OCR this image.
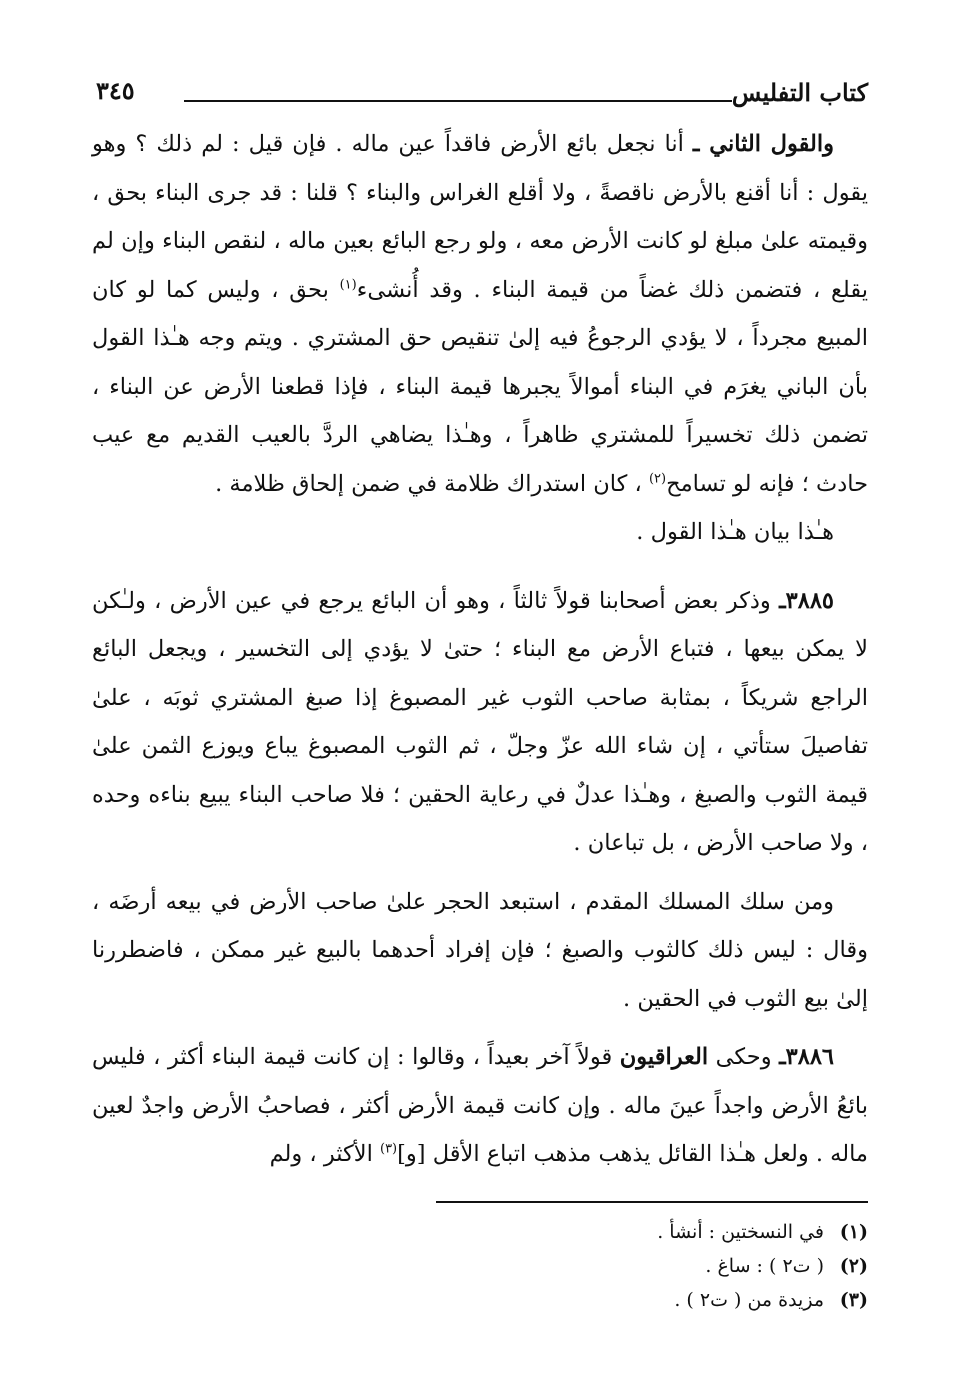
كتاب التفليس
٣٤٥

والقول الثاني ـ أنا نجعل بائع الأرض فاقداً عين ماله . فإن قيل : لم ذلك ؟ وهو يقول : أنا أقنع بالأرض ناقصةً ، ولا أقلع الغراس والبناء ؟ قلنا : قد جرى البناء بحق ، وقيمته علىٰ مبلغ لو كانت الأرض معه ، ولو رجع البائع بعين ماله ، لنقص البناء وإن لم يقلع ، فتضمن ذلك غضاً من قيمة البناء . وقد أُنشىء$^{(١)}$ بحق ، وليس كما لو كان المبيع مجرداً ، لا يؤدي الرجوعُ فيه إلىٰ تنقيص حق المشتري . ويتم وجه هـٰذا القول بأن الباني يغرَم في البناء أموالاً يجبرها قيمة البناء ، فإذا قطعنا الأرض عن البناء ، تضمن ذلك تخسيراً للمشتري ظاهراً ، وهـٰذا يضاهي الردَّ بالعيب القديم مع عيب حادث ؛ فإنه لو تسامح$^{(٢)}$ ، كان استدراك ظلامة في ضمن إلحاق ظلامة .

هـٰذا بيان هـٰذا القول .

٣٨٨٥ـ وذكر بعض أصحابنا قولاً ثالثاً ، وهو أن البائع يرجع في عين الأرض ، ولـٰكن لا يمكن بيعها ، فتباع الأرض مع البناء ؛ حتىٰ لا يؤدي إلى التخسير ، ويجعل البائع الراجع شريكاً ، بمثابة صاحب الثوب غير المصبوغ إذا صبغ المشتري ثوبَه ، علىٰ تفاصيلَ ستأتي ، إن شاء الله عزّ وجلّ ، ثم الثوب المصبوغ يباع ويوزع الثمن علىٰ قيمة الثوب والصبغ ، وهـٰذا عدلٌ في رعاية الحقين ؛ فلا صاحب البناء يبيع بناءه وحده ، ولا صاحب الأرض ، بل تباعان .

ومن سلك المسلك المقدم ، استبعد الحجر علىٰ صاحب الأرض في بيعه أرضَه ، وقال : ليس ذلك كالثوب والصبغ ؛ فإن إفراد أحدهما بالبيع غير ممكن ، فاضطررنا إلىٰ بيع الثوب في الحقين .

٣٨٨٦ـ وحكى العراقيون قولاً آخر بعيداً ، وقالوا : إن كانت قيمة البناء أكثر ، فليس بائعُ الأرض واجداً عينَ ماله . وإن كانت قيمة الأرض أكثر ، فصاحبُ الأرض واجدٌ لعين ماله . ولعل هـٰذا القائل يذهب مذهب اتباع الأقل [و]$^{(٣)}$ الأكثر ، ولم

(١)في النسختين : أنشأ .
(٢)( ت٢ ) : ساغ .
(٣)مزيدة من ( ت٢ ) .
